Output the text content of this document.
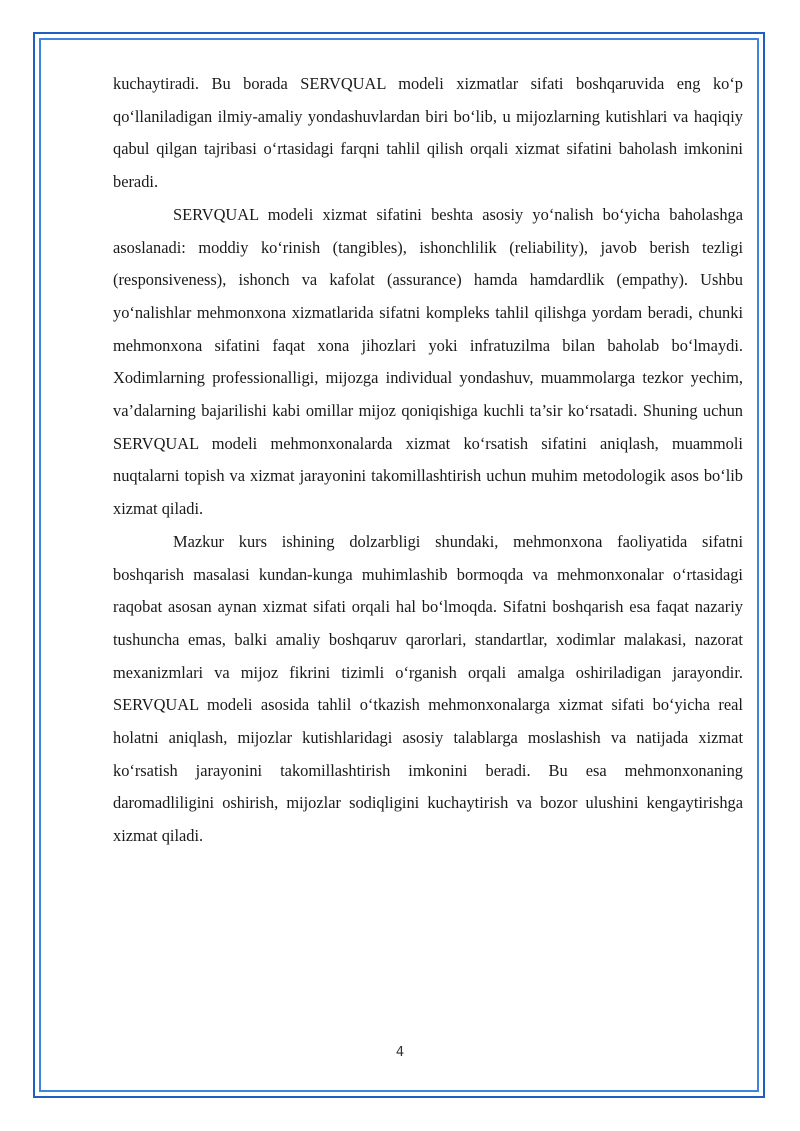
kuchaytiradi. Bu borada SERVQUAL modeli xizmatlar sifati boshqaruvida eng ko‘p qo‘llaniladigan ilmiy-amaliy yondashuvlardan biri bo‘lib, u mijozlarning kutishlari va haqiqiy qabul qilgan tajribasi o‘rtasidagi farqni tahlil qilish orqali xizmat sifatini baholash imkonini beradi.

SERVQUAL modeli xizmat sifatini beshta asosiy yo‘nalish bo‘yicha baholashga asoslanadi: moddiy ko‘rinish (tangibles), ishonchlilik (reliability), javob berish tezligi (responsiveness), ishonch va kafolat (assurance) hamda hamdardlik (empathy). Ushbu yo‘nalishlar mehmonxona xizmatlarida sifatni kompleks tahlil qilishga yordam beradi, chunki mehmonxona sifatini faqat xona jihozlari yoki infratuzilma bilan baholab bo‘lmaydi. Xodimlarning professionalligi, mijozga individual yondashuv, muammolarga tezkor yechim, va’dalarning bajarilishi kabi omillar mijoz qoniqishiga kuchli ta’sir ko‘rsatadi. Shuning uchun SERVQUAL modeli mehmonxonalarda xizmat ko‘rsatish sifatini aniqlash, muammoli nuqtalarni topish va xizmat jarayonini takomillashtirish uchun muhim metodologik asos bo‘lib xizmat qiladi.

Mazkur kurs ishining dolzarbligi shundaki, mehmonxona faoliyatida sifatni boshqarish masalasi kundan-kunga muhimlashib bormoqda va mehmonxonalar o‘rtasidagi raqobat asosan aynan xizmat sifati orqali hal bo‘lmoqda. Sifatni boshqarish esa faqat nazariy tushuncha emas, balki amaliy boshqaruv qarorlari, standartlar, xodimlar malakasi, nazorat mexanizmlari va mijoz fikrini tizimli o‘rganish orqali amalga oshiriladigan jarayondir. SERVQUAL modeli asosida tahlil o‘tkazish mehmonxonalarga xizmat sifati bo‘yicha real holatni aniqlash, mijozlar kutishlaridagi asosiy talablarga moslashish va natijada xizmat ko‘rsatish jarayonini takomillashtirish imkonini beradi. Bu esa mehmonxonaning daromadliligini oshirish, mijozlar sodiqligini kuchaytirish va bozor ulushini kengaytirishga xizmat qiladi.

4
